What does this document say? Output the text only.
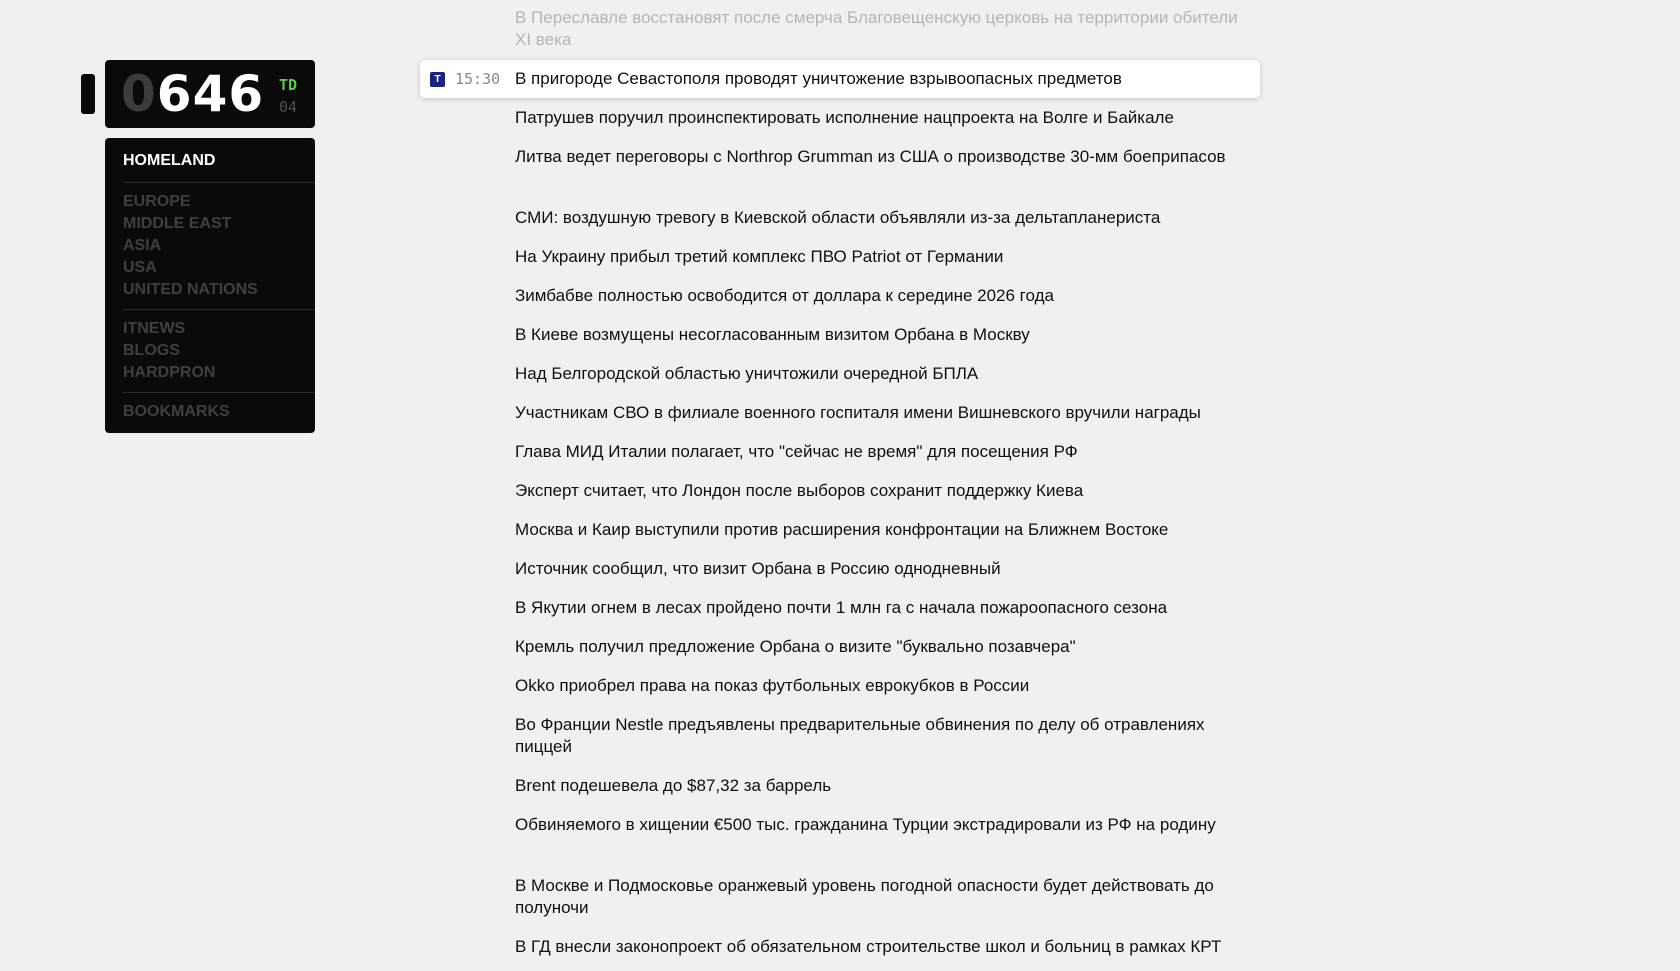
0646 TD
04
HOMELAND
EUROPE
MIDDLE EAST
ASIA
USA
UNITED NATIONS
ITNEWS
BLOGS
HARDPRON
BOOKMARKS
В Переславле восстановят после смерча Благовещенскую церковь на территории обители XI века
T 15:30 В пригороде Севастополя проводят уничтожение взрывоопасных предметов
Патрушев поручил проинспектировать исполнение нацпроекта на Волге и Байкале
Литва ведет переговоры с Northrop Grumman из США о производстве 30-мм боеприпасов
СМИ: воздушную тревогу в Киевской области объявляли из-за дельтапланериста
На Украину прибыл третий комплекс ПВО Patriot от Германии
Зимбабве полностью освободится от доллара к середине 2026 года
В Киеве возмущены несогласованным визитом Орбана в Москву
Над Белгородской областью уничтожили очередной БПЛА
Участникам СВО в филиале военного госпиталя имени Вишневского вручили награды
Глава МИД Италии полагает, что "сейчас не время" для посещения РФ
Эксперт считает, что Лондон после выборов сохранит поддержку Киева
Москва и Каир выступили против расширения конфронтации на Ближнем Востоке
Источник сообщил, что визит Орбана в Россию однодневный
В Якутии огнем в лесах пройдено почти 1 млн га с начала пожароопасного сезона
Кремль получил предложение Орбана о визите "буквально позавчера"
Okko приобрел права на показ футбольных еврокубков в России
Во Франции Nestle предъявлены предварительные обвинения по делу об отравлениях пиццей
Brent подешевела до $87,32 за баррель
Обвиняемого в хищении €500 тыс. гражданина Турции экстрадировали из РФ на родину
В Москве и Подмосковье оранжевый уровень погодной опасности будет действовать до полуночи
В ГД внесли законопроект об обязательном строительстве школ и больниц в рамках КРТ
